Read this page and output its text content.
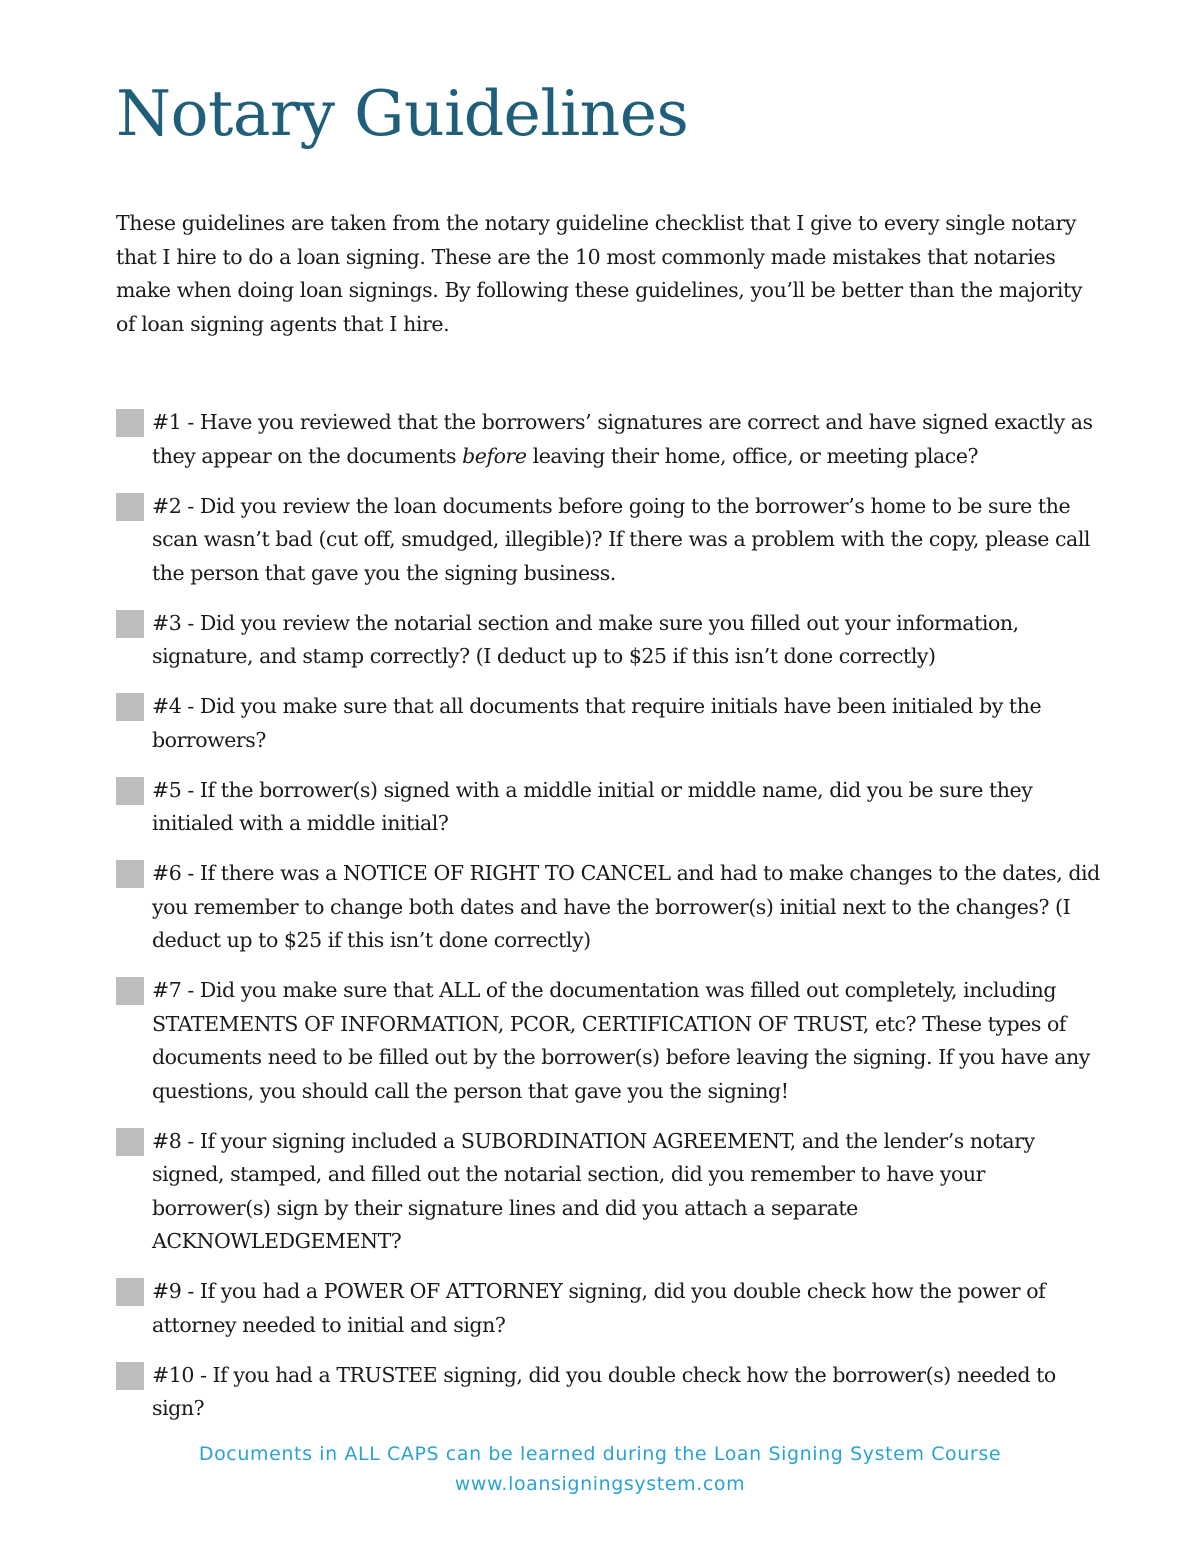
Notary Guidelines

These guidelines are taken from the notary guideline checklist that I give to every single notary that I hire to do a loan signing. These are the 10 most commonly made mistakes that notaries make when doing loan signings. By following these guidelines, you’ll be better than the majority of loan signing agents that I hire.

#1 - Have you reviewed that the borrowers’ signatures are correct and have signed exactly as they appear on the documents before leaving their home, office, or meeting place?
#2 - Did you review the loan documents before going to the borrower’s home to be sure the scan wasn’t bad (cut off, smudged, illegible)? If there was a problem with the copy, please call the person that gave you the signing business.
#3 - Did you review the notarial section and make sure you filled out your information, signature, and stamp correctly? (I deduct up to $25 if this isn’t done correctly)
#4 - Did you make sure that all documents that require initials have been initialed by the borrowers?
#5 - If the borrower(s) signed with a middle initial or middle name, did you be sure they initialed with a middle initial?
#6 - If there was a NOTICE OF RIGHT TO CANCEL and had to make changes to the dates, did you remember to change both dates and have the borrower(s) initial next to the changes? (I deduct up to $25 if this isn’t done correctly)
#7 - Did you make sure that ALL of the documentation was filled out completely, including STATEMENTS OF INFORMATION, PCOR, CERTIFICATION OF TRUST, etc? These types of documents need to be filled out by the borrower(s) before leaving the signing. If you have any questions, you should call the person that gave you the signing!
#8 - If your signing included a SUBORDINATION AGREEMENT, and the lender’s notary signed, stamped, and filled out the notarial section, did you remember to have your borrower(s) sign by their signature lines and did you attach a separate ACKNOWLEDGEMENT?
#9 - If you had a POWER OF ATTORNEY signing, did you double check how the power of attorney needed to initial and sign?
#10 - If you had a TRUSTEE signing, did you double check how the borrower(s) needed to sign?

Documents in ALL CAPS can be learned during the Loan Signing System Course

www.loansigningsystem.com
